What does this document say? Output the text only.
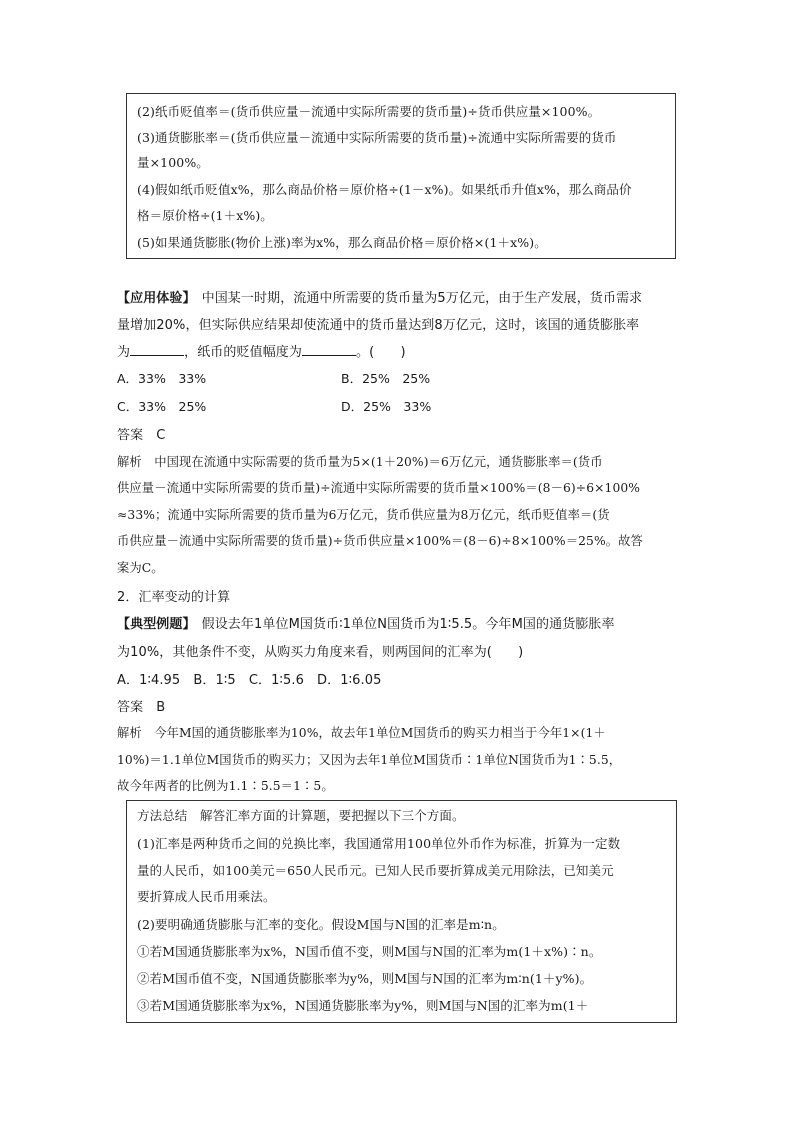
(2)纸币贬值率＝(货币供应量－流通中实际所需要的货币量)÷货币供应量×100%。

(3)通货膨胀率＝(货币供应量－流通中实际所需要的货币量)÷流通中实际所需要的货币

量×100%。

(4)假如纸币贬值x%，那么商品价格＝原价格÷(1－x%)。如果纸币升值x%，那么商品价

格＝原价格÷(1＋x%)。

(5)如果通货膨胀(物价上涨)率为x%，那么商品价格＝原价格×(1＋x%)。

【应用体验】 中国某一时期，流通中所需要的货币量为5万亿元，由于生产发展，货币需求
量增加20%，但实际供应结果却使流通中的货币量达到8万亿元，这时，该国的通货膨胀率
为	，纸币的贬值幅度为	。(　　)
A．33%　33%	B．25%　25%
C．33%　25%	D．25%　33%
答案　C
解析　中国现在流通中实际需要的货币量为5×(1＋20%)＝6万亿元，通货膨胀率＝(货币
供应量－流通中实际所需要的货币量)÷流通中实际所需要的货币量×100%＝(8－6)÷6×100%
≈33%；流通中实际所需要的货币量为6万亿元，货币供应量为8万亿元，纸币贬值率＝(货
币供应量－流通中实际所需要的货币量)÷货币供应量×100%＝(8－6)÷8×100%＝25%。故答
案为C。
2．汇率变动的计算
【典型例题】 假设去年1单位M国货币∶1单位N国货币为1∶5.5。今年M国的通货膨胀率
为10%，其他条件不变，从购买力角度来看，则两国间的汇率为(　　)
A．1∶4.95　B．1∶5　C．1∶5.6　D．1∶6.05
答案　B
解析　今年M国的通货膨胀率为10%，故去年1单位M国货币的购买力相当于今年1×(1＋
10%)＝1.1单位M国货币的购买力；又因为去年1单位M国货币∶1单位N国货币为1∶5.5，
故今年两者的比例为1.1∶5.5＝1∶5。

方法总结　解答汇率方面的计算题，要把握以下三个方面。

(1)汇率是两种货币之间的兑换比率，我国通常用100单位外币作为标准，折算为一定数

量的人民币，如100美元＝650人民币元。已知人民币要折算成美元用除法，已知美元

要折算成人民币用乘法。

(2)要明确通货膨胀与汇率的变化。假设M国与N国的汇率是m∶n。

①若M国通货膨胀率为x%，N国币值不变，则M国与N国的汇率为m(1＋x%)∶n。

②若M国币值不变，N国通货膨胀率为y%，则M国与N国的汇率为m∶n(1＋y%)。

③若M国通货膨胀率为x%，N国通货膨胀率为y%，则M国与N国的汇率为m(1＋
